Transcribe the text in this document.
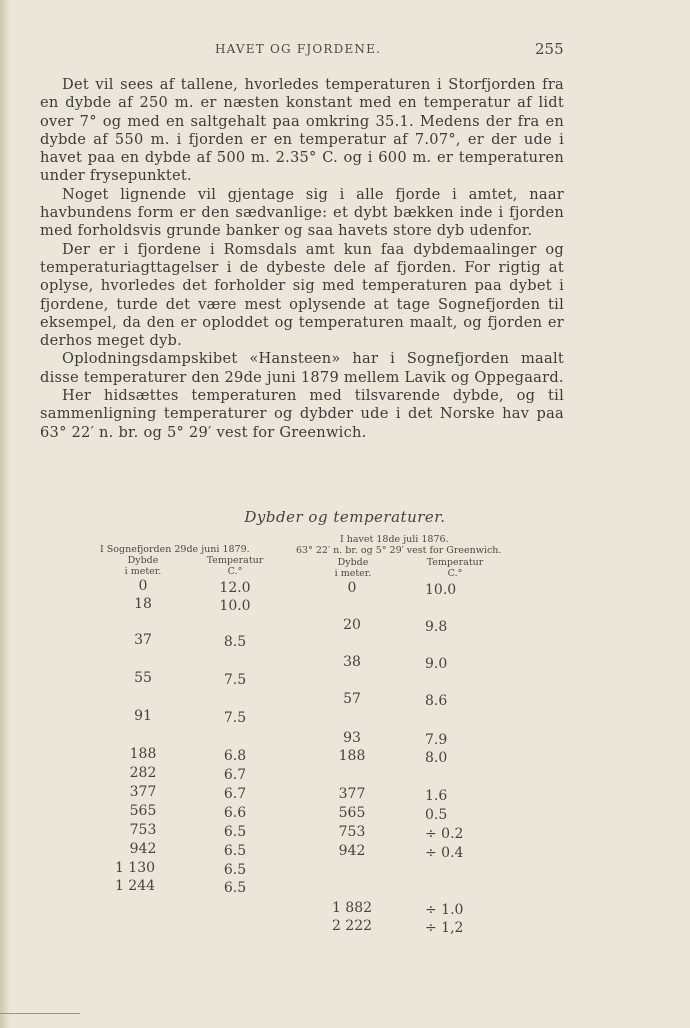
HAVET OG FJORDENE.	255

Det vil sees af tallene, hvorledes temperaturen i Storfjorden fra en dybde af 250 m. er næsten konstant med en temperatur af lidt over 7° og med en saltgehalt paa omkring 35.1. Medens der fra en dybde af 550 m. i fjorden er en temperatur af 7.07°, er der ude i havet paa en dybde af 500 m. 2.35° C. og i 600 m. er temperaturen under frysepunktet.

Noget lignende vil gjentage sig i alle fjorde i amtet, naar havbundens form er den sædvanlige: et dybt bækken inde i fjorden med forholdsvis grunde banker og saa havets store dyb udenfor.

Der er i fjordene i Romsdals amt kun faa dybdemaalinger og temperaturiagttagelser i de dybeste dele af fjorden. For rigtig at oplyse, hvorledes det forholder sig med temperaturen paa dybet i fjordene, turde det være mest oplysende at tage Sognefjorden til eksempel, da den er oploddet og temperaturen maalt, og fjorden er derhos meget dyb.

Oplodningsdampskibet «Hansteen» har i Sognefjorden maalt disse temperaturer den 29de juni 1879 mellem Lavik og Oppegaard.

Her hidsættes temperaturen med tilsvarende dybde, og til sammenligning temperaturer og dybder ude i det Norske hav paa 63° 22′ n. br. og 5° 29′ vest for Greenwich.

Dybder og temperaturer.
I Sognefjorden 29de juni 1879.
Dybde
i meter.
Temperatur
C.°
I havet 18de juli 1876.
63° 22′ n. br. og 5° 29′ vest for Greenwich.
Dybde
i meter.
Temperatur
C.°
0	12.0
18	10.0
37	8.5
55	7.5
91	7.5
188	6.8
282	6.7
377	6.7
565	6.6
753	6.5
942	6.5
1 130	6.5
1 244	6.5
0	10.0
20	9.8
38	9.0
57	8.6
93	7.9
188	8.0
377	1.6
565	0.5
753	÷ 0.2
942	÷ 0.4
1 882	÷ 1.0
2 222	÷ 1,2
